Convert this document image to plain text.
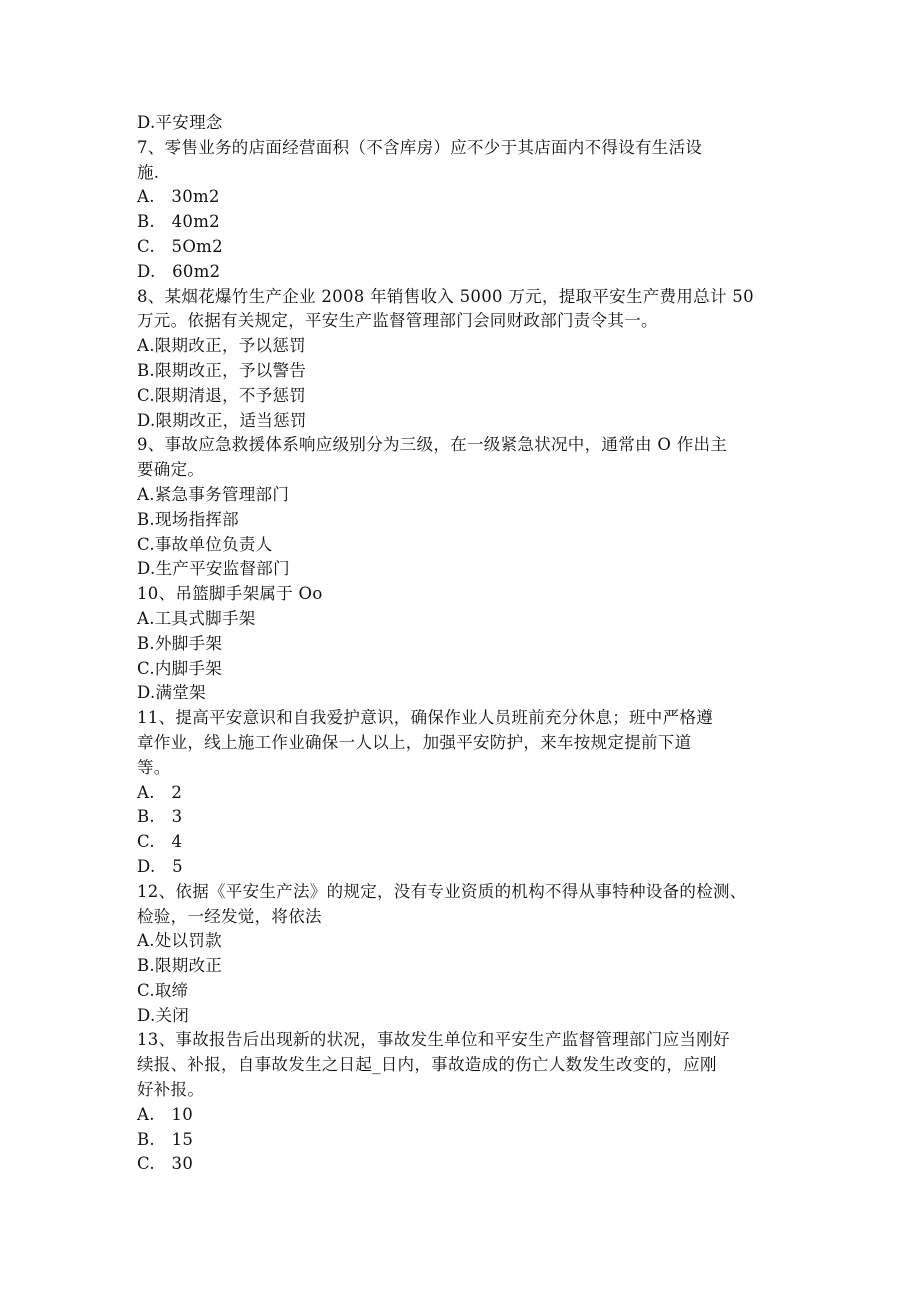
D.平安理念
7、零售业务的店面经营面积（不含库房）应不少于其店面内不得设有生活设
施.
A.   30m2
B.   40m2
C.   5Om2
D.   60m2
8、某烟花爆竹生产企业 2008 年销售收入 5000 万元，提取平安生产费用总计 50
万元。依据有关规定，平安生产监督管理部门会同财政部门责令其一。
A.限期改正，予以惩罚
B.限期改正，予以警告
C.限期清退，不予惩罚
D.限期改正，适当惩罚
9、事故应急救援体系响应级别分为三级，在一级紧急状况中，通常由 O 作出主
要确定。
A.紧急事务管理部门
B.现场指挥部
C.事故单位负责人
D.生产平安监督部门
10、吊篮脚手架属于 Oo
A.工具式脚手架
B.外脚手架
C.内脚手架
D.满堂架
11、提高平安意识和自我爱护意识，确保作业人员班前充分休息；班中严格遵
章作业，线上施工作业确保一人以上，加强平安防护，来车按规定提前下道
等。
A.   2
B.   3
C.   4
D.   5
12、依据《平安生产法》的规定，没有专业资质的机构不得从事特种设备的检测、
检验，一经发觉，将依法
A.处以罚款
B.限期改正
C.取缔
D.关闭
13、事故报告后出现新的状况，事故发生单位和平安生产监督管理部门应当刚好
续报、补报，自事故发生之日起_日内，事故造成的伤亡人数发生改变的，应刚
好补报。
A.   10
B.   15
C.   30
